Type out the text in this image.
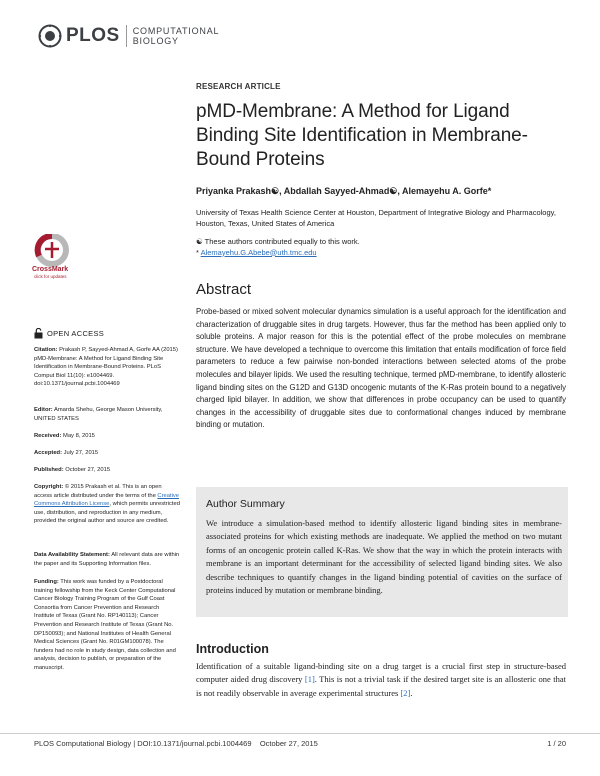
PLOS COMPUTATIONAL
BIOLOGY
CrossMark
click for updates
OPEN ACCESS
Citation: Prakash P, Sayyed-Ahmad A, Gorfe AA (2015) pMD-Membrane: A Method for Ligand Binding Site Identification in Membrane-Bound Proteins. PLoS Comput Biol 11(10): e1004469. doi:10.1371/journal.pcbi.1004469
Editor: Amarda Shehu, George Mason University, UNITED STATES
Received: May 8, 2015
Accepted: July 27, 2015
Published: October 27, 2015
Copyright: © 2015 Prakash et al. This is an open access article distributed under the terms of the Creative Commons Attribution License, which permits unrestricted use, distribution, and reproduction in any medium, provided the original author and source are credited.
Data Availability Statement: All relevant data are within the paper and its Supporting Information files.
Funding: This work was funded by a Postdoctoral training fellowship from the Keck Center Computational Cancer Biology Training Program of the Gulf Coast Consortia from Cancer Prevention and Research Institute of Texas (Grant No. RP140113); Cancer Prevention and Research Institute of Texas (Grant No. DP150093); and National Institutes of Health General Medical Sciences (Grant No. R01GM100078). The funders had no role in study design, data collection and analysis, decision to publish, or preparation of the manuscript.
RESEARCH ARTICLE
pMD-Membrane: A Method for Ligand Binding Site Identification in Membrane-Bound Proteins
Priyanka Prakash☯, Abdallah Sayyed-Ahmad☯, Alemayehu A. Gorfe*
University of Texas Health Science Center at Houston, Department of Integrative Biology and Pharmacology, Houston, Texas, United States of America
☯ These authors contributed equally to this work.
* Alemayehu.G.Abebe@uth.tmc.edu
Abstract
Probe-based or mixed solvent molecular dynamics simulation is a useful approach for the identification and characterization of druggable sites in drug targets. However, thus far the method has been applied only to soluble proteins. A major reason for this is the potential effect of the probe molecules on membrane structure. We have developed a technique to overcome this limitation that entails modification of force field parameters to reduce a few pairwise non-bonded interactions between selected atoms of the probe molecules and bilayer lipids. We used the resulting technique, termed pMD-membrane, to identify allosteric ligand binding sites on the G12D and G13D oncogenic mutants of the K-Ras protein bound to a negatively charged lipid bilayer. In addition, we show that differences in probe occupancy can be used to quantify changes in the accessibility of druggable sites due to conformational changes induced by membrane binding or mutation.
Author Summary
We introduce a simulation-based method to identify allosteric ligand binding sites in membrane-associated proteins for which existing methods are inadequate. We applied the method on two mutant forms of an oncogenic protein called K-Ras. We show that the way in which the protein interacts with membrane is an important determinant for the accessibility of selected ligand binding sites. We also describe techniques to quantify changes in the ligand binding potential of cavities on the surface of proteins induced by mutation or membrane binding.
Introduction
Identification of a suitable ligand-binding site on a drug target is a crucial first step in structure-based computer aided drug discovery [1]. This is not a trivial task if the desired target site is an allosteric one that is not readily observable in average experimental structures [2].
PLOS Computational Biology | DOI:10.1371/journal.pcbi.1004469    October 27, 2015	1 / 20
